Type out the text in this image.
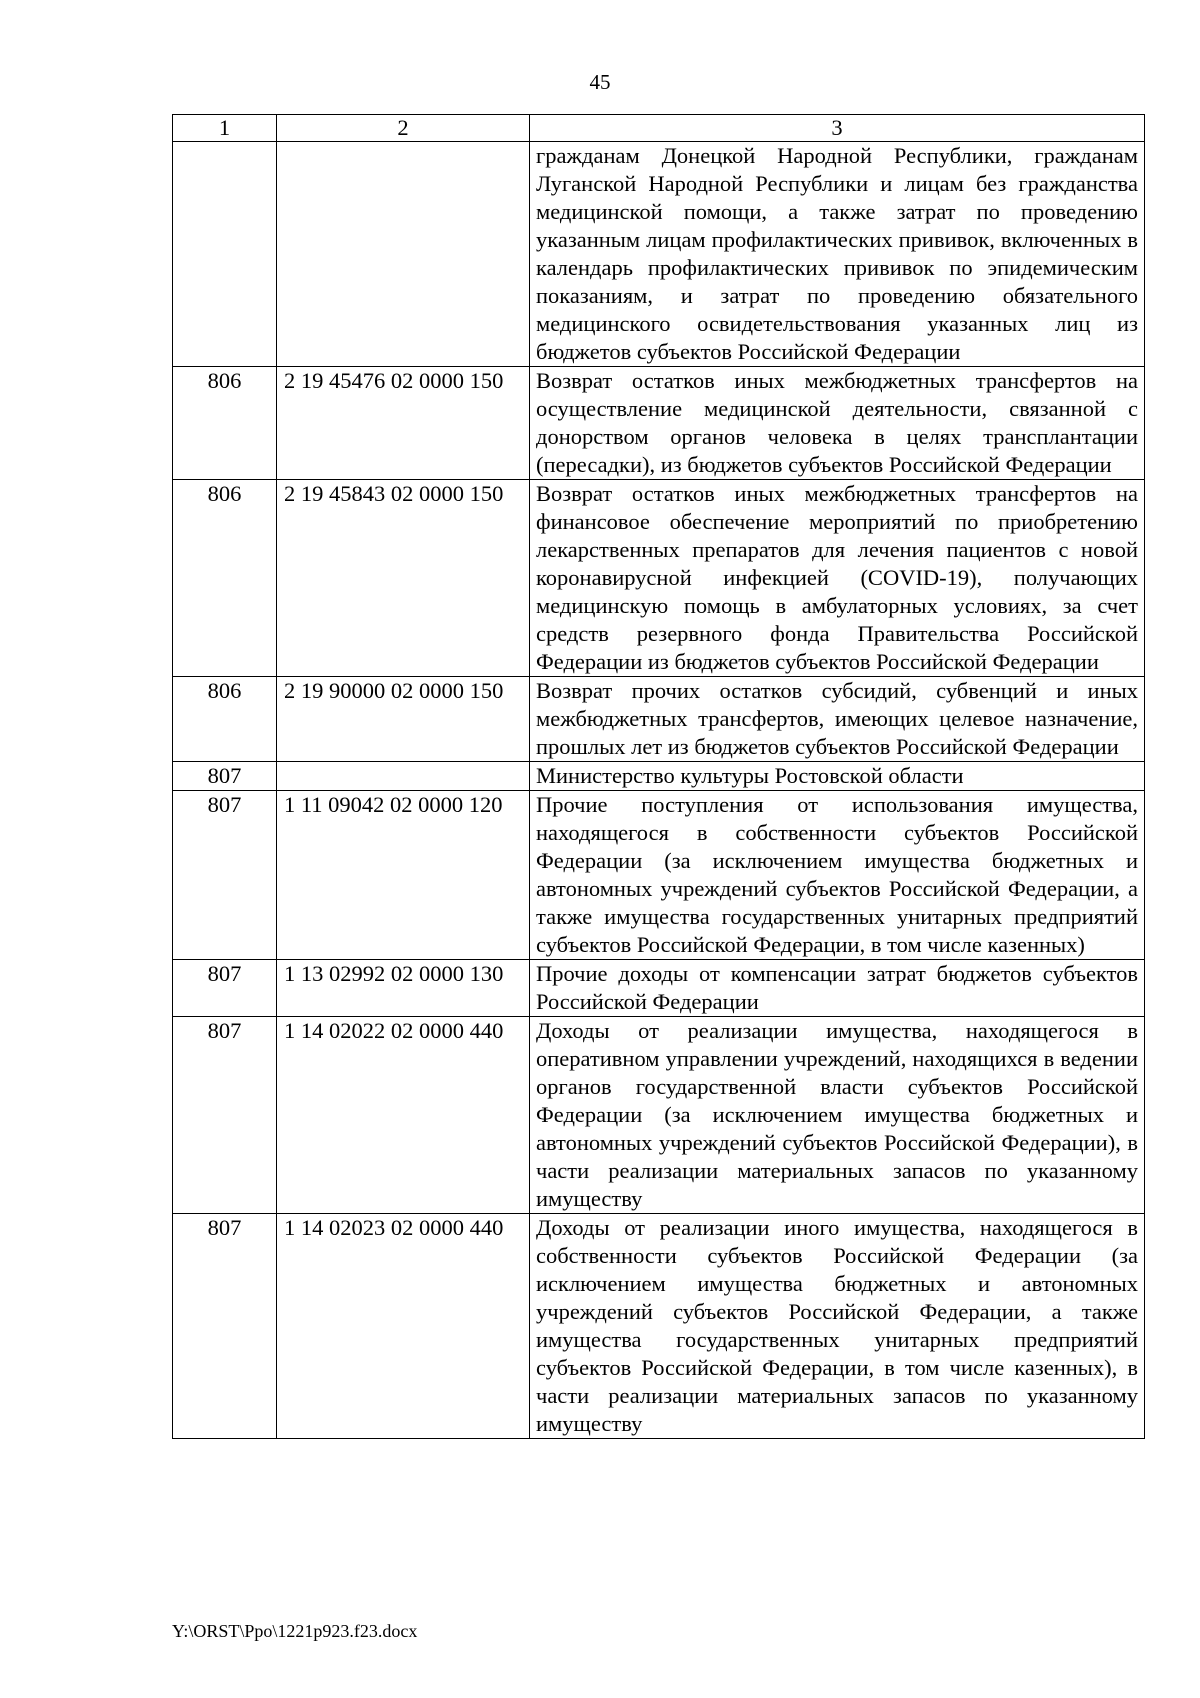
45
1	2	3
		гражданам Донецкой Народной Республики, гражданам Луганской Народной Республики и лицам без гражданства медицинской помощи, а также затрат по проведению указанным лицам профилактических прививок, включенных в календарь профилактических прививок по эпидемическим показаниям, и затрат по проведению обязательного медицинского освидетельствования указанных лиц из бюджетов субъектов Российской Федерации
806	2 19 45476 02 0000 150	Возврат остатков иных межбюджетных трансфертов на осуществление медицинской деятельности, связанной с донорством органов человека в целях трансплантации (пересадки), из бюджетов субъектов Российской Федерации
806	2 19 45843 02 0000 150	Возврат остатков иных межбюджетных трансфертов на финансовое обеспечение мероприятий по приобретению лекарственных препаратов для лечения пациентов с новой коронавирусной инфекцией (COVID-19), получающих медицинскую помощь в амбулаторных условиях, за счет средств резервного фонда Правительства Российской Федерации из бюджетов субъектов Российской Федерации
806	2 19 90000 02 0000 150	Возврат прочих остатков субсидий, субвенций и иных межбюджетных трансфертов, имеющих целевое назначение, прошлых лет из бюджетов субъектов Российской Федерации
807		Министерство культуры Ростовской области
807	1 11 09042 02 0000 120	Прочие поступления от использования имущества, находящегося в собственности субъектов Российской Федерации (за исключением имущества бюджетных и автономных учреждений субъектов Российской Федерации, а также имущества государственных унитарных предприятий субъектов Российской Федерации, в том числе казенных)
807	1 13 02992 02 0000 130	Прочие доходы от компенсации затрат бюджетов субъектов Российской Федерации
807	1 14 02022 02 0000 440	Доходы от реализации имущества, находящегося в оперативном управлении учреждений, находящихся в ведении органов государственной власти субъектов Российской Федерации (за исключением имущества бюджетных и автономных учреждений субъектов Российской Федерации), в части реализации материальных запасов по указанному имуществу
807	1 14 02023 02 0000 440	Доходы от реализации иного имущества, находящегося в собственности субъектов Российской Федерации (за исключением имущества бюджетных и автономных учреждений субъектов Российской Федерации, а также имущества государственных унитарных предприятий субъектов Российской Федерации, в том числе казенных), в части реализации материальных запасов по указанному имуществу
Y:\ORST\Ppo\1221p923.f23.docx
